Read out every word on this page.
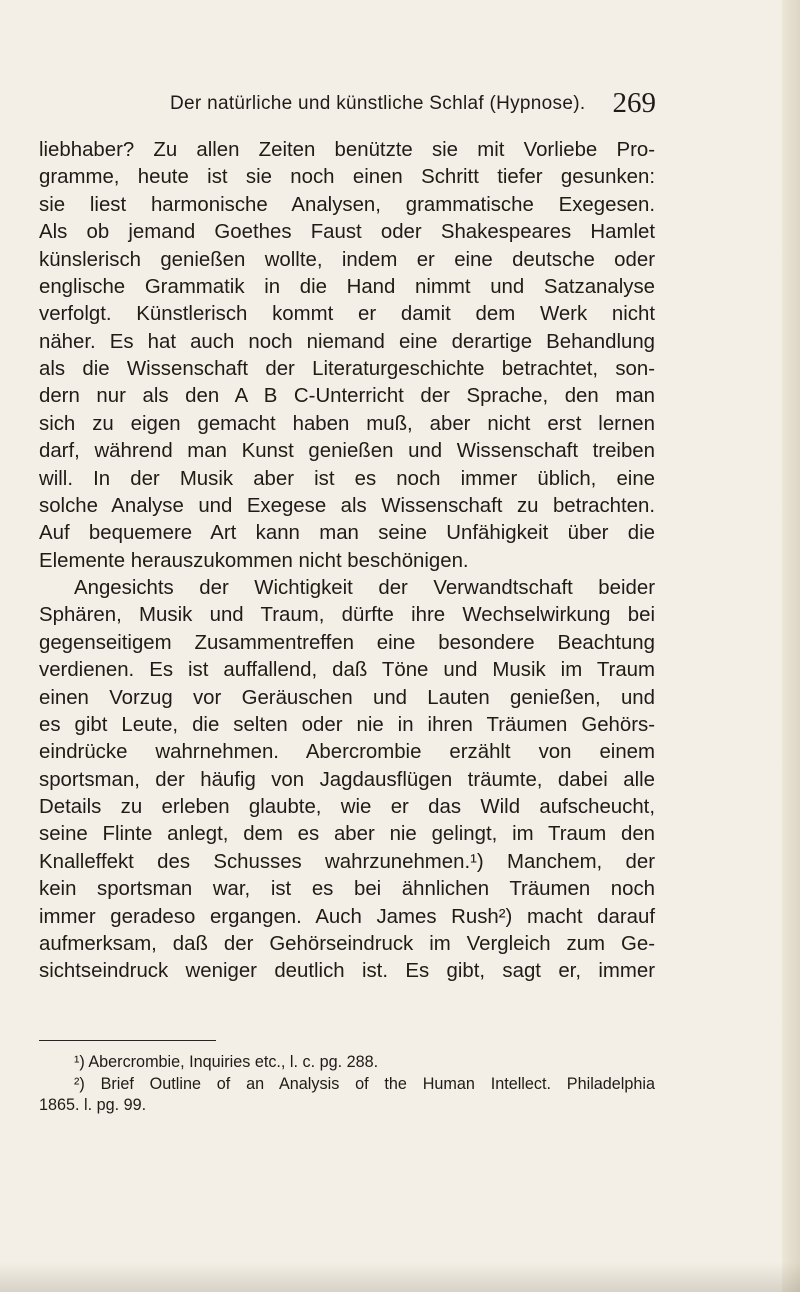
Der natürliche und künstliche Schlaf (Hypnose). 269
liebhaber? Zu allen Zeiten benützte sie mit Vorliebe Pro-
gramme, heute ist sie noch einen Schritt tiefer gesunken:
sie liest harmonische Analysen, grammatische Exegesen.
Als ob jemand Goethes Faust oder Shakespeares Hamlet
künslerisch genießen wollte, indem er eine deutsche oder
englische Grammatik in die Hand nimmt und Satzanalyse
verfolgt. Künstlerisch kommt er damit dem Werk nicht
näher. Es hat auch noch niemand eine derartige Behandlung
als die Wissenschaft der Literaturgeschichte betrachtet, son-
dern nur als den A B C-Unterricht der Sprache, den man
sich zu eigen gemacht haben muß, aber nicht erst lernen
darf, während man Kunst genießen und Wissenschaft treiben
will. In der Musik aber ist es noch immer üblich, eine
solche Analyse und Exegese als Wissenschaft zu betrachten.
Auf bequemere Art kann man seine Unfähigkeit über die
Elemente herauszukommen nicht beschönigen.
Angesichts der Wichtigkeit der Verwandtschaft beider
Sphären, Musik und Traum, dürfte ihre Wechselwirkung bei
gegenseitigem Zusammentreffen eine besondere Beachtung
verdienen. Es ist auffallend, daß Töne und Musik im Traum
einen Vorzug vor Geräuschen und Lauten genießen, und
es gibt Leute, die selten oder nie in ihren Träumen Gehörs-
eindrücke wahrnehmen. Abercrombie erzählt von einem
sportsman, der häufig von Jagdausflügen träumte, dabei alle
Details zu erleben glaubte, wie er das Wild aufscheucht,
seine Flinte anlegt, dem es aber nie gelingt, im Traum den
Knalleffekt des Schusses wahrzunehmen.¹) Manchem, der
kein sportsman war, ist es bei ähnlichen Träumen noch
immer geradeso ergangen. Auch James Rush²) macht darauf
aufmerksam, daß der Gehörseindruck im Vergleich zum Ge-
sichtseindruck weniger deutlich ist. Es gibt, sagt er, immer
¹) Abercrombie, Inquiries etc., l. c. pg. 288.
²) Brief Outline of an Analysis of the Human Intellect. Philadelphia
1865. l. pg. 99.
